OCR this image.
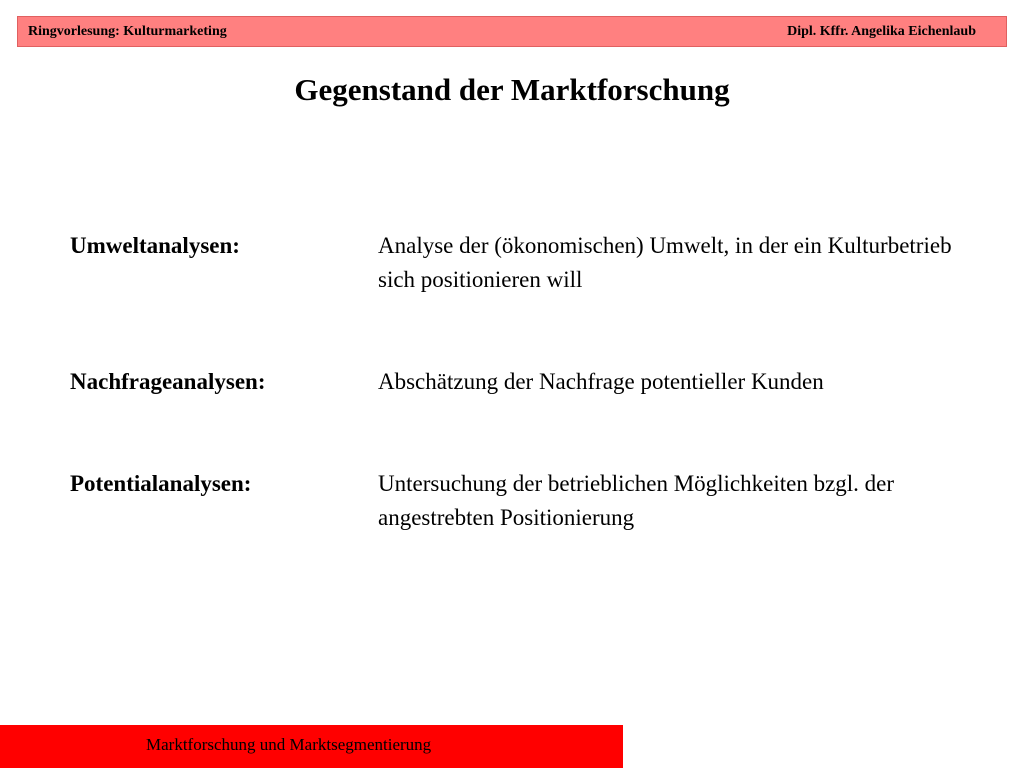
Ringvorlesung: Kulturmarketing	Dipl. Kffr. Angelika Eichenlaub
Gegenstand der Marktforschung
Umweltanalysen:	Analyse der (ökonomischen) Umwelt, in der ein Kulturbetrieb sich positionieren will
Nachfrageanalysen:	Abschätzung der Nachfrage potentieller Kunden
Potentialanalysen:	Untersuchung der betrieblichen Möglichkeiten bzgl. der angestrebten Positionierung
Marktforschung und Marktsegmentierung
